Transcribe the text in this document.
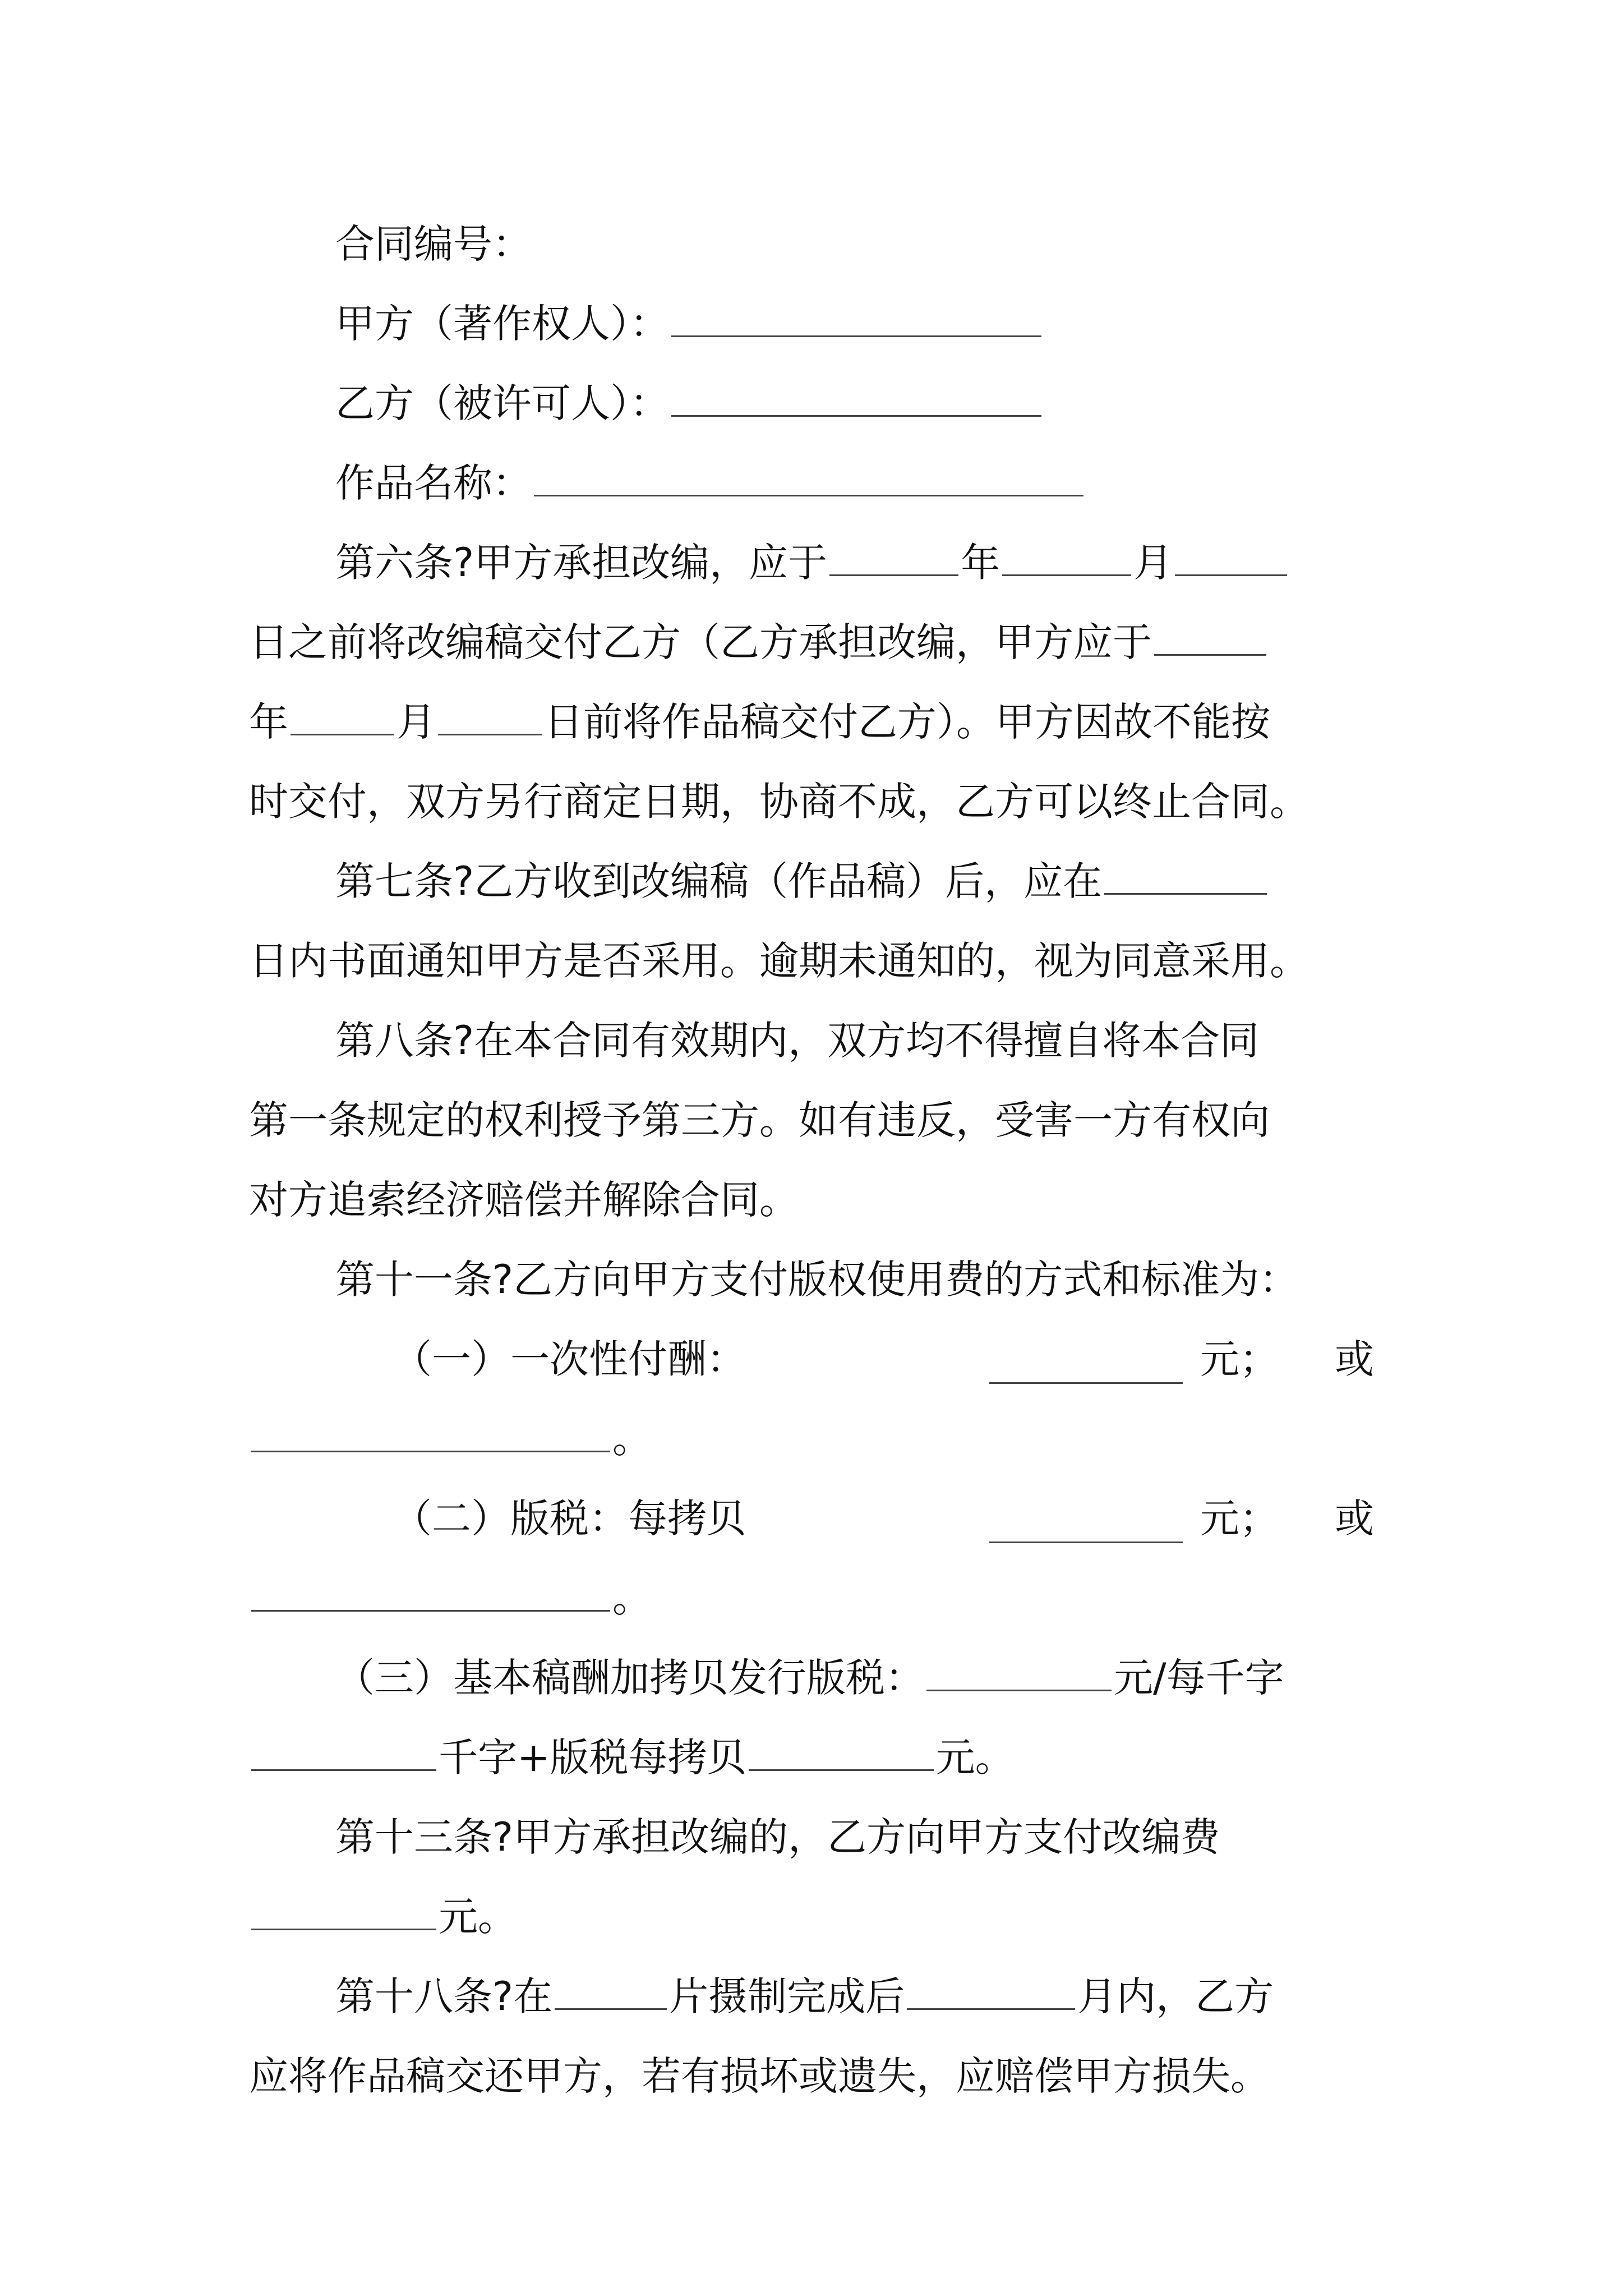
合同编号：
甲方（著作权人）：
乙方（被许可人）：
作品名称：
第六条?甲方承担改编，应于	年	月
日之前将改编稿交付乙方（乙方承担改编，甲方应于
年	月	日前将作品稿交付乙方）。甲方因故不能按
时交付，双方另行商定日期，协商不成，乙方可以终止合同。
第七条?乙方收到改编稿（作品稿）后，应在
日内书面通知甲方是否采用。逾期未通知的，视为同意采用。
第八条?在本合同有效期内，双方均不得擅自将本合同
第一条规定的权利授予第三方。如有违反，受害一方有权向
对方追索经济赔偿并解除合同。
第十一条?乙方向甲方支付版权使用费的方式和标准为：
（一）一次性付酬：	元； 或
。
（二）版税：每拷贝	元； 或
。
（三）基本稿酬加拷贝发行版税：	元/每千字
千字+版税每拷贝	元。
第十三条?甲方承担改编的，乙方向甲方支付改编费
元。
第十八条?在	片摄制完成后	月内，乙方
应将作品稿交还甲方，若有损坏或遗失，应赔偿甲方损失。
